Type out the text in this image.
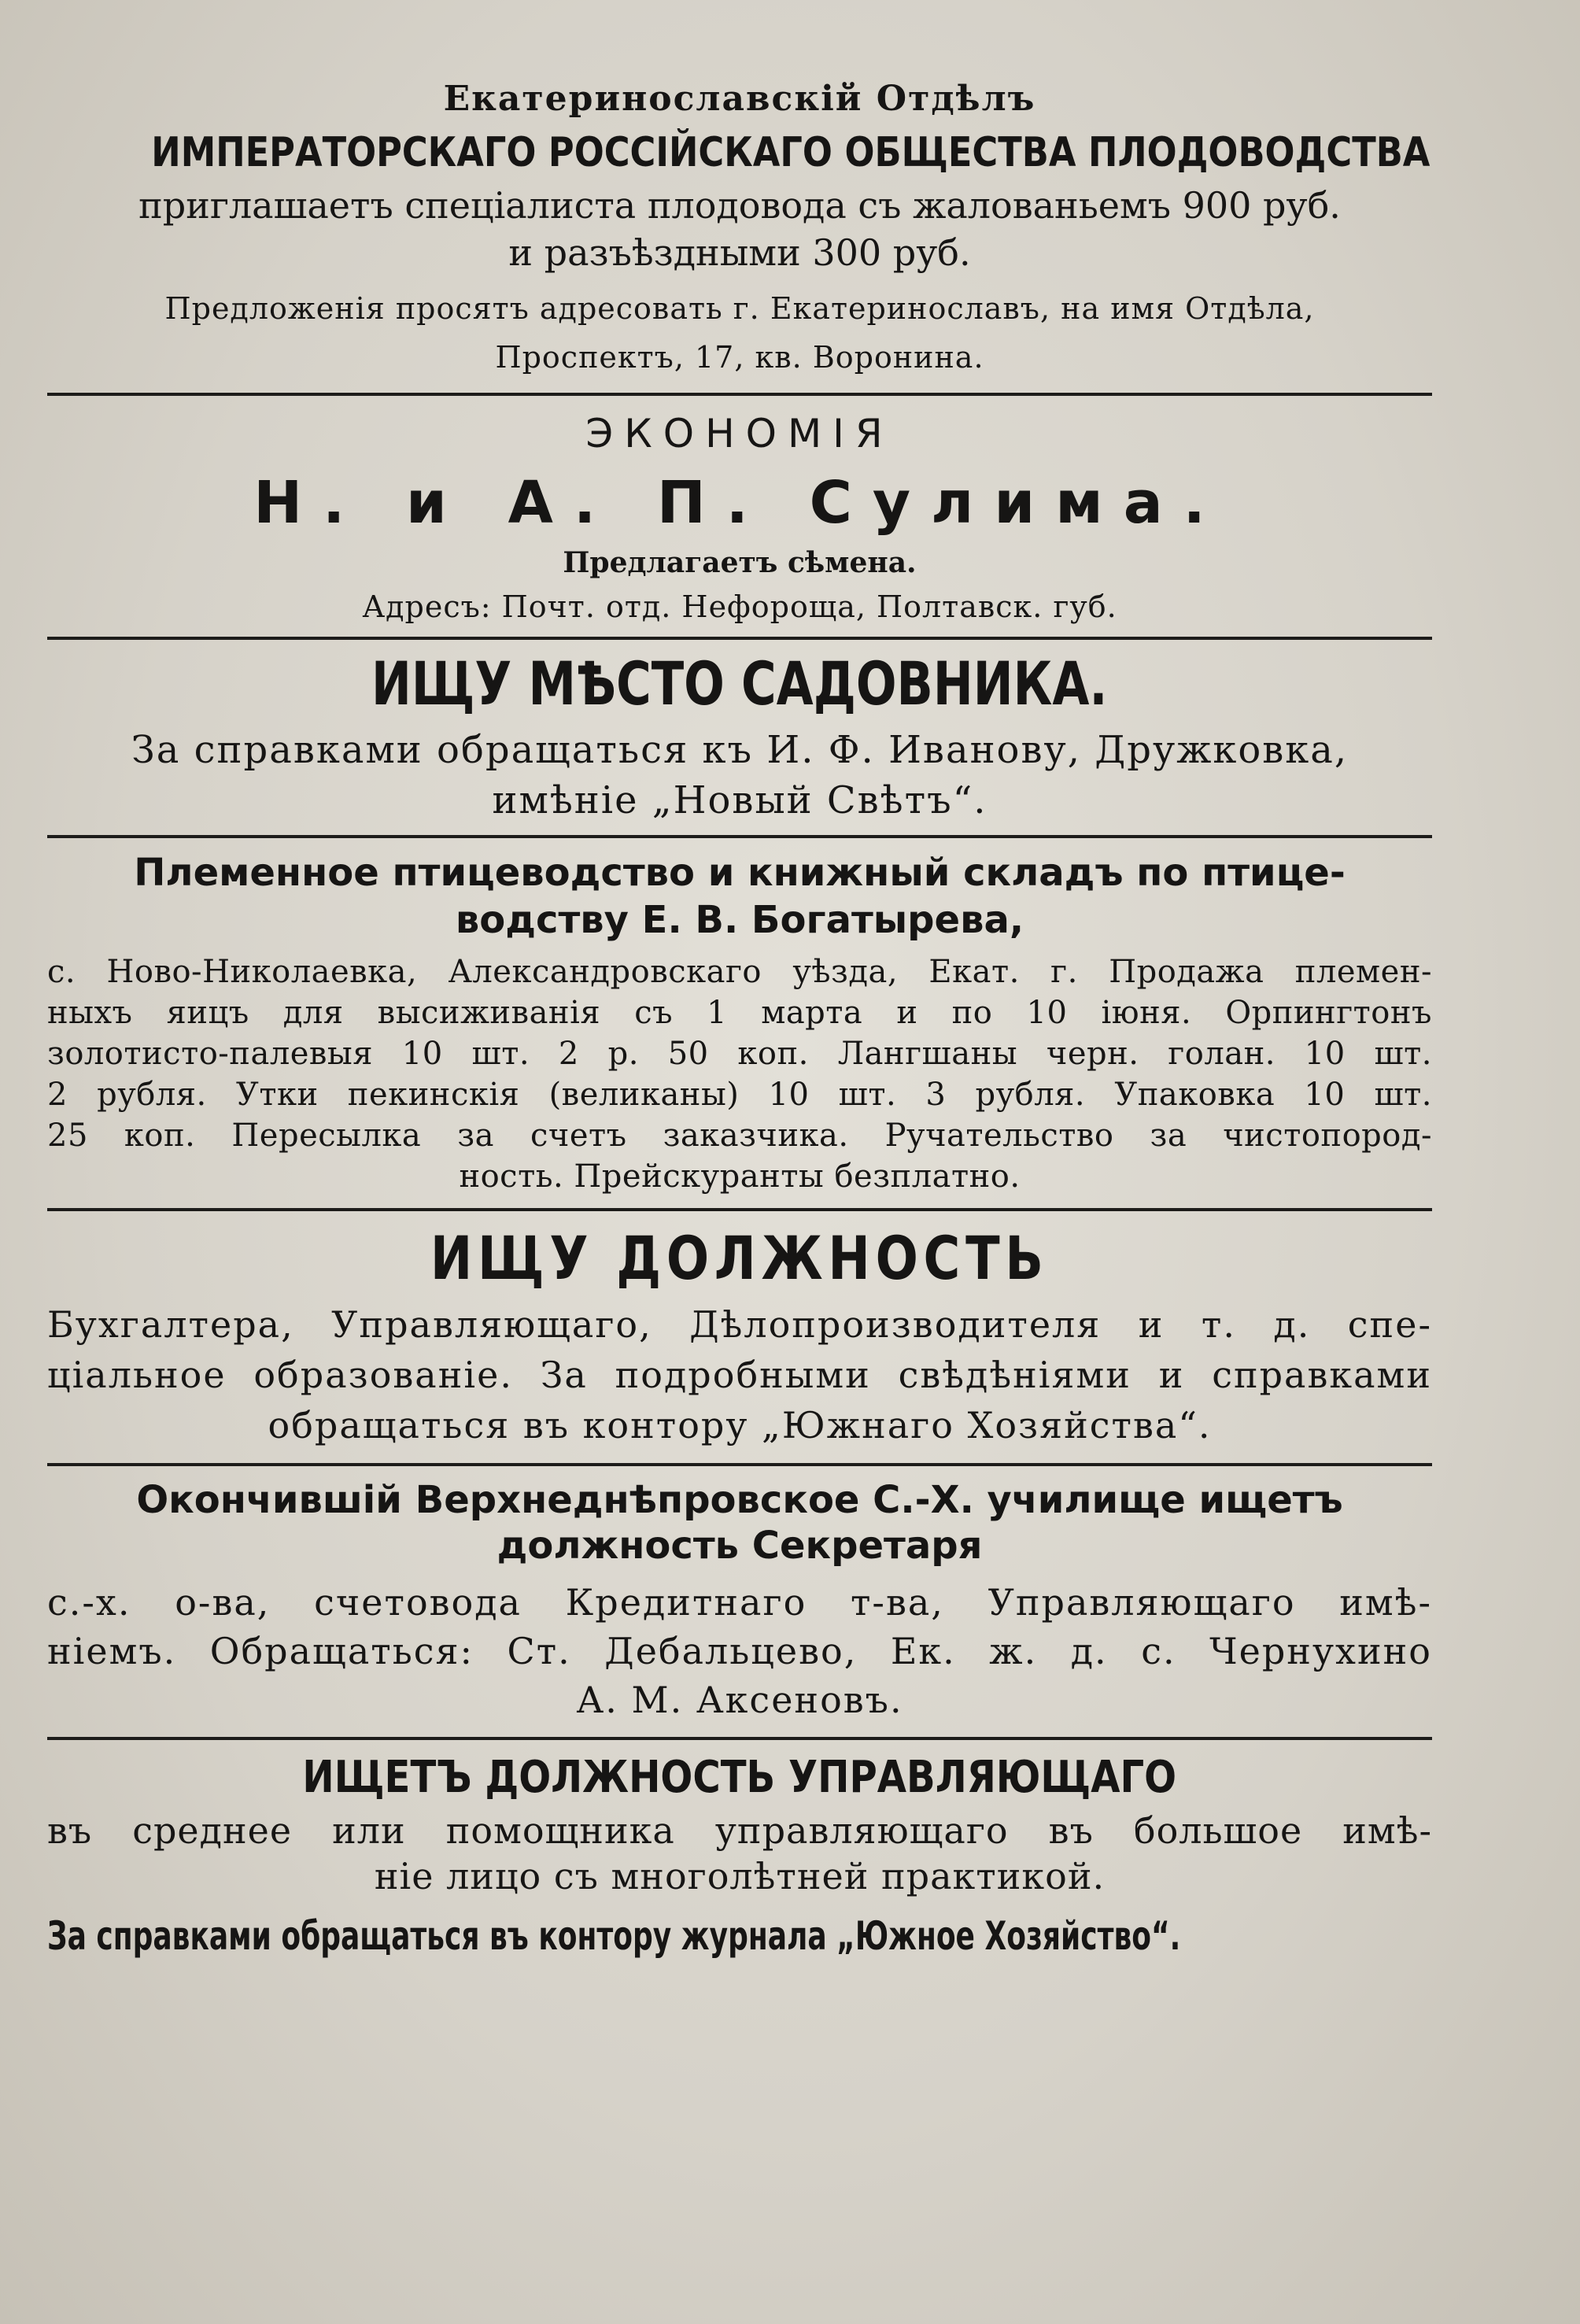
Екатеринославскій Отдѣлъ
ИМПЕРАТОРСКАГО РОССІЙСКАГО ОБЩЕСТВА ПЛОДОВОДСТВА
приглашаетъ спеціалиста плодовода съ жалованьемъ 900 руб.
и разъѣздными 300 руб.
Предложенія просятъ адресовать г. Екатеринославъ, на имя Отдѣла,
Проспектъ, 17, кв. Воронина.
ЭКОНОМІЯ
Н. и А. П. Сулима.
Предлагаетъ сѣмена.
Адресъ: Почт. отд. Нефороща, Полтавск. губ.
ИЩУ МѢСТО САДОВНИКА.
За справками обращаться къ И. Ф. Иванову, Дружковка,
имѣніе „Новый Свѣтъ“.
Племенное птицеводство и книжный складъ по птице-
водству Е. В. Богатырева,
с. Ново-Николаевка, Александровскаго уѣзда, Екат. г. Продажа племен-
ныхъ яицъ для высиживанія съ 1 марта и по 10 іюня. Орпингтонъ
золотисто-палевыя 10 шт. 2 р. 50 коп. Лангшаны черн. голан. 10 шт.
2 рубля. Утки пекинскія (великаны) 10 шт. 3 рубля. Упаковка 10 шт.
25 коп. Пересылка за счетъ заказчика. Ручательство за чистопород-
ность. Прейскуранты безплатно.
ИЩУ ДОЛЖНОСТЬ
Бухгалтера, Управляющаго, Дѣлопроизводителя и т. д. спе-
ціальное образованіе. За подробными свѣдѣніями и справками
обращаться въ контору „Южнаго Хозяйства“.
Окончившій Верхнеднѣпровское С.-Х. училище ищетъ
должность Секретаря
с.-х. о-ва, счетовода Кредитнаго т-ва, Управляющаго имѣ-
ніемъ. Обращаться: Ст. Дебальцево, Ек. ж. д. с. Чернухино
А. М. Аксеновъ.
ИЩЕТЪ ДОЛЖНОСТЬ УПРАВЛЯЮЩАГО
въ среднее или помощника управляющаго въ большое имѣ-
ніе лицо съ многолѣтней практикой.
За справками обращаться въ контору журнала „Южное Хозяйство“.
